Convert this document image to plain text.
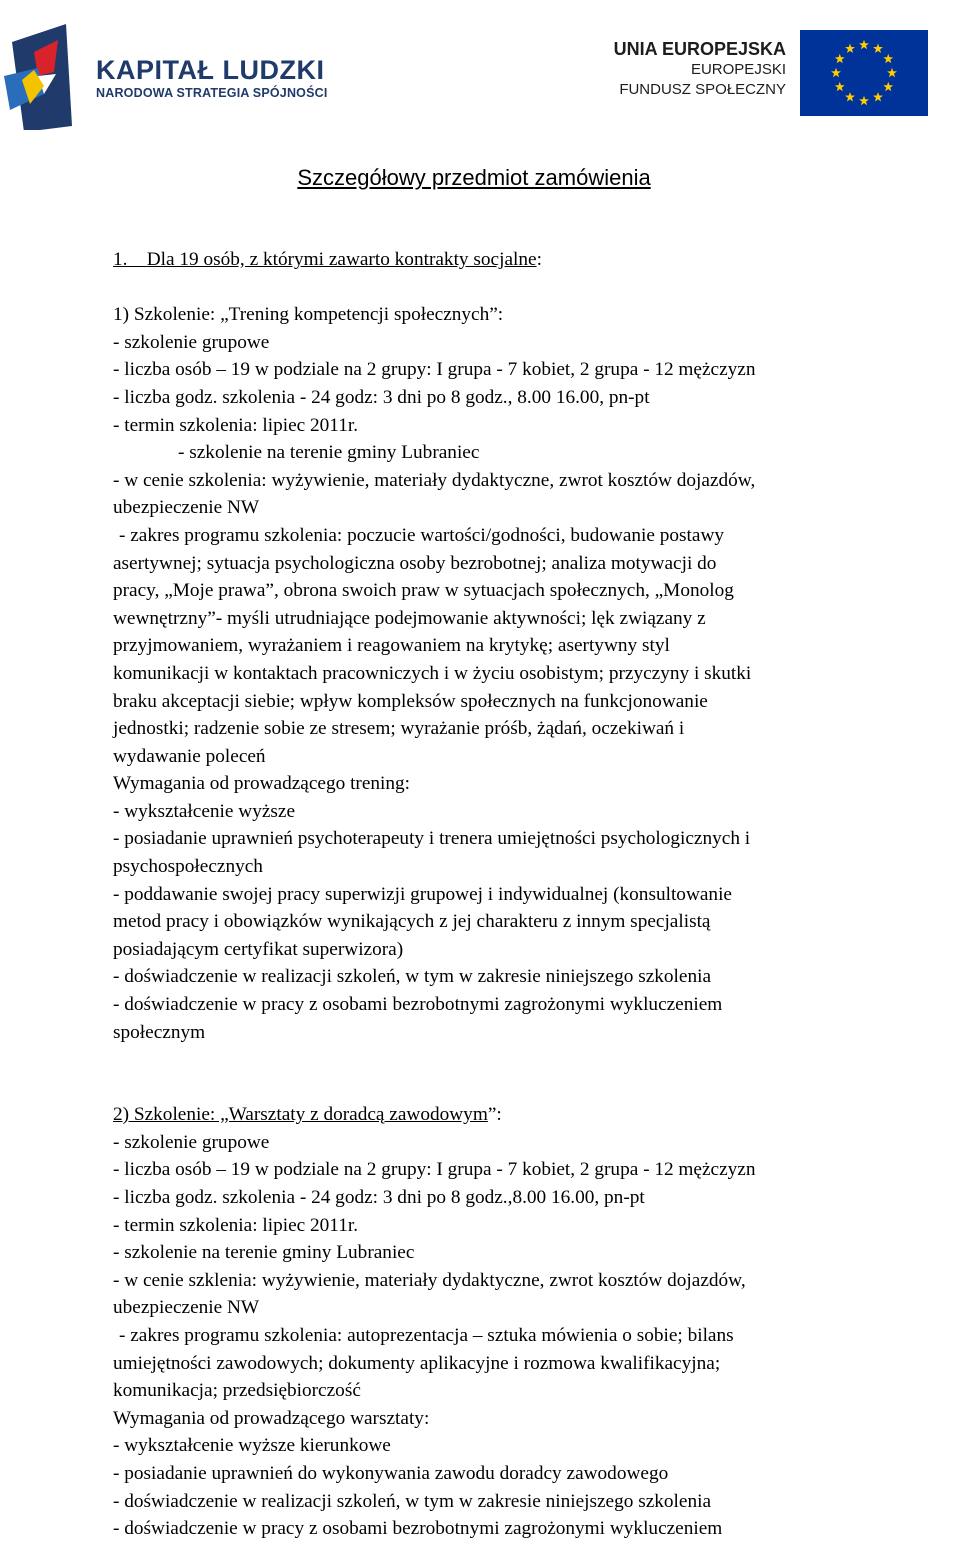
KAPITAŁ LUDZKI
NARODOWA STRATEGIA SPÓJNOŚCI
UNIA EUROPEJSKA
EUROPEJSKI
FUNDUSZ SPOŁECZNY
Szczegółowy przedmiot zamówienia
1. Dla 19 osób, z którymi zawarto kontrakty socjalne:
1) Szkolenie: „Trening kompetencji społecznych”:
- szkolenie grupowe
- liczba osób – 19 w podziale na 2 grupy: I grupa - 7 kobiet, 2 grupa - 12 mężczyzn
- liczba godz. szkolenia - 24 godz: 3 dni po 8 godz., 8.00 16.00, pn-pt
- termin szkolenia: lipiec 2011r.
- szkolenie na terenie gminy Lubraniec
- w cenie szkolenia: wyżywienie, materiały dydaktyczne, zwrot kosztów dojazdów,
ubezpieczenie NW
- zakres programu szkolenia: poczucie wartości/godności, budowanie postawy
asertywnej; sytuacja psychologiczna osoby bezrobotnej; analiza motywacji do
pracy, „Moje prawa”, obrona swoich praw w sytuacjach społecznych, „Monolog
wewnętrzny”- myśli utrudniające podejmowanie aktywności; lęk związany z
przyjmowaniem, wyrażaniem i reagowaniem na krytykę; asertywny styl
komunikacji w kontaktach pracowniczych i w życiu osobistym; przyczyny i skutki
braku akceptacji siebie; wpływ kompleksów społecznych na funkcjonowanie
jednostki; radzenie sobie ze stresem; wyrażanie próśb, żądań, oczekiwań i
wydawanie poleceń
Wymagania od prowadzącego trening:
- wykształcenie wyższe
- posiadanie uprawnień psychoterapeuty i trenera umiejętności psychologicznych i
psychospołecznych
- poddawanie swojej pracy superwizji grupowej i indywidualnej (konsultowanie
metod pracy i obowiązków wynikających z jej charakteru z innym specjalistą
posiadającym certyfikat superwizora)
- doświadczenie w realizacji szkoleń, w tym w zakresie niniejszego szkolenia
- doświadczenie w pracy z osobami bezrobotnymi zagrożonymi wykluczeniem
społecznym
2) Szkolenie: „Warsztaty z doradcą zawodowym”:
- szkolenie grupowe
- liczba osób – 19 w podziale na 2 grupy: I grupa - 7 kobiet, 2 grupa - 12 mężczyzn
- liczba godz. szkolenia - 24 godz: 3 dni po 8 godz.,8.00 16.00, pn-pt
- termin szkolenia: lipiec 2011r.
- szkolenie na terenie gminy Lubraniec
- w cenie szklenia: wyżywienie, materiały dydaktyczne, zwrot kosztów dojazdów,
ubezpieczenie NW
- zakres programu szkolenia: autoprezentacja – sztuka mówienia o sobie; bilans
umiejętności zawodowych; dokumenty aplikacyjne i rozmowa kwalifikacyjna;
komunikacja; przedsiębiorczość
Wymagania od prowadzącego warsztaty:
- wykształcenie wyższe kierunkowe
- posiadanie uprawnień do wykonywania zawodu doradcy zawodowego
- doświadczenie w realizacji szkoleń, w tym w zakresie niniejszego szkolenia
- doświadczenie w pracy z osobami bezrobotnymi zagrożonymi wykluczeniem
